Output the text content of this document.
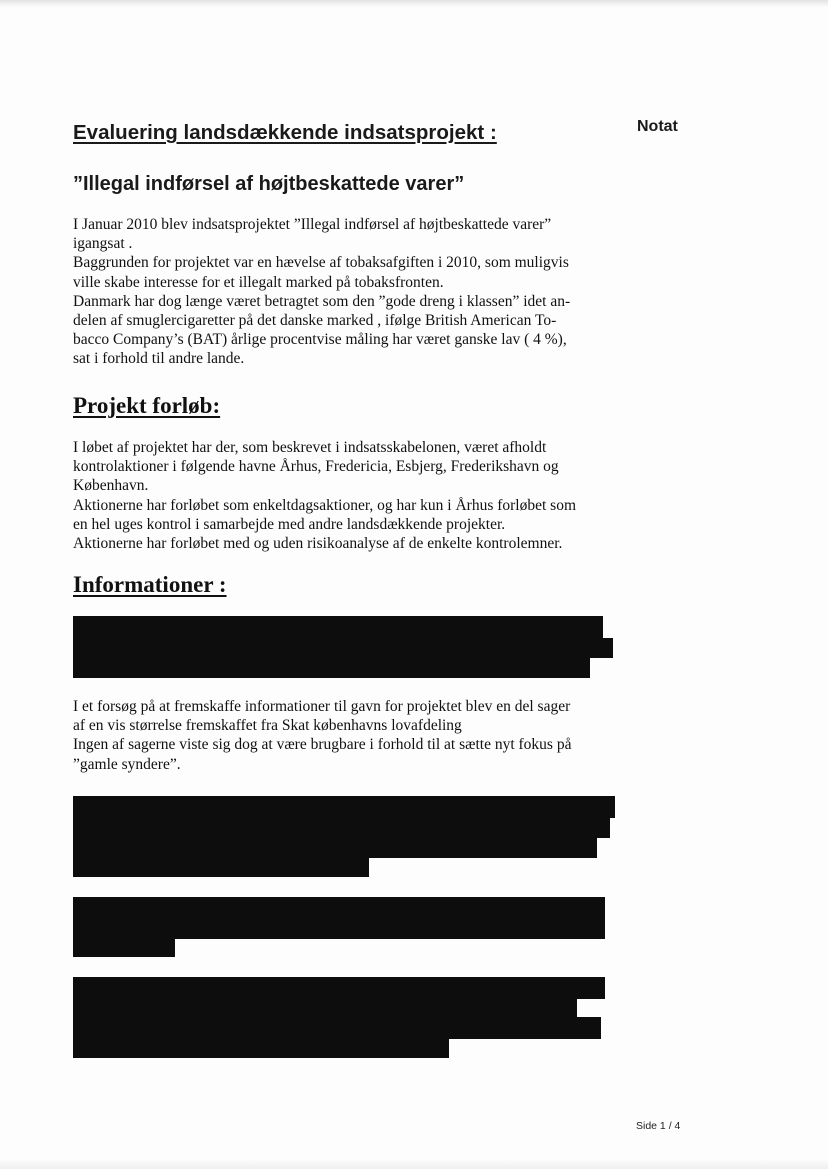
Notat
Evaluering landsdækkende indsatsprojekt :
”Illegal indførsel af højtbeskattede varer”

I Januar 2010 blev indsatsprojektet ”Illegal indførsel af højtbeskattede varer”

igangsat .

Baggrunden for projektet var en hævelse af tobaksafgiften i 2010, som muligvis

ville skabe interesse for et illegalt marked på tobaksfronten.

Danmark har dog længe været betragtet som den ”gode dreng i klassen” idet an-

delen af smuglercigaretter på det danske marked , ifølge British American To-

bacco Company’s (BAT) årlige procentvise måling har været ganske lav ( 4 %),

sat i forhold til andre lande.

Projekt forløb:

I løbet af projektet har der, som beskrevet i indsatsskabelonen, været afholdt

kontrolaktioner i følgende havne Århus, Fredericia, Esbjerg, Frederikshavn og

København.

Aktionerne har forløbet som enkeltdagsaktioner, og har kun i Århus forløbet som

en hel uges kontrol i samarbejde med andre landsdækkende projekter.

Aktionerne har forløbet med og uden risikoanalyse af de enkelte kontrolemner.

Informationer :

I et forsøg på at fremskaffe informationer til gavn for projektet blev en del sager

af en vis størrelse fremskaffet fra Skat københavns lovafdeling

Ingen af sagerne viste sig dog at være brugbare i forhold til at sætte nyt fokus på

”gamle syndere”.

Side 1 / 4
